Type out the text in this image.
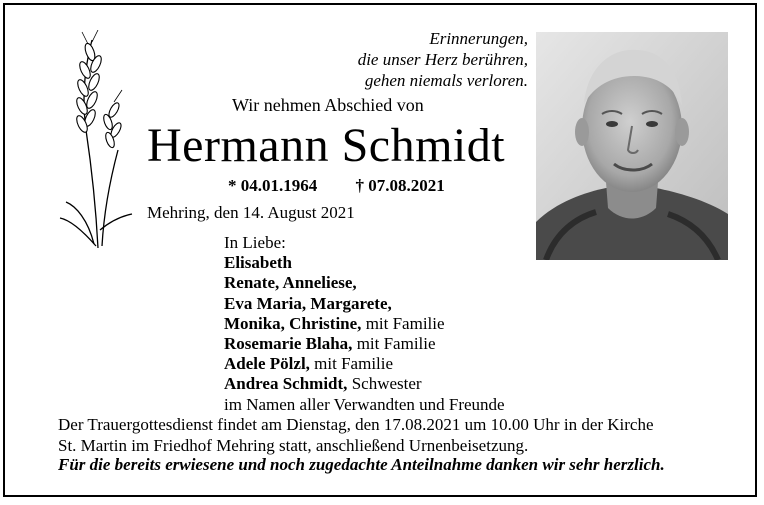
Erinnerungen,
die unser Herz berühren,
gehen niemals verloren.
Wir nehmen Abschied von
Hermann Schmidt
* 04.01.1964 † 07.08.2021
Mehring, den 14. August 2021
In Liebe:
Elisabeth
Renate, Anneliese,
Eva Maria, Margarete,
Monika, Christine, mit Familie
Rosemarie Blaha, mit Familie
Adele Pölzl, mit Familie
Andrea Schmidt, Schwester
im Namen aller Verwandten und Freunde
Der Trauergottesdienst findet am Dienstag, den 17.08.2021 um 10.00 Uhr in der Kirche
St. Martin im Friedhof Mehring statt, anschließend Urnenbeisetzung.
Für die bereits erwiesene und noch zugedachte Anteilnahme danken wir sehr herzlich.
